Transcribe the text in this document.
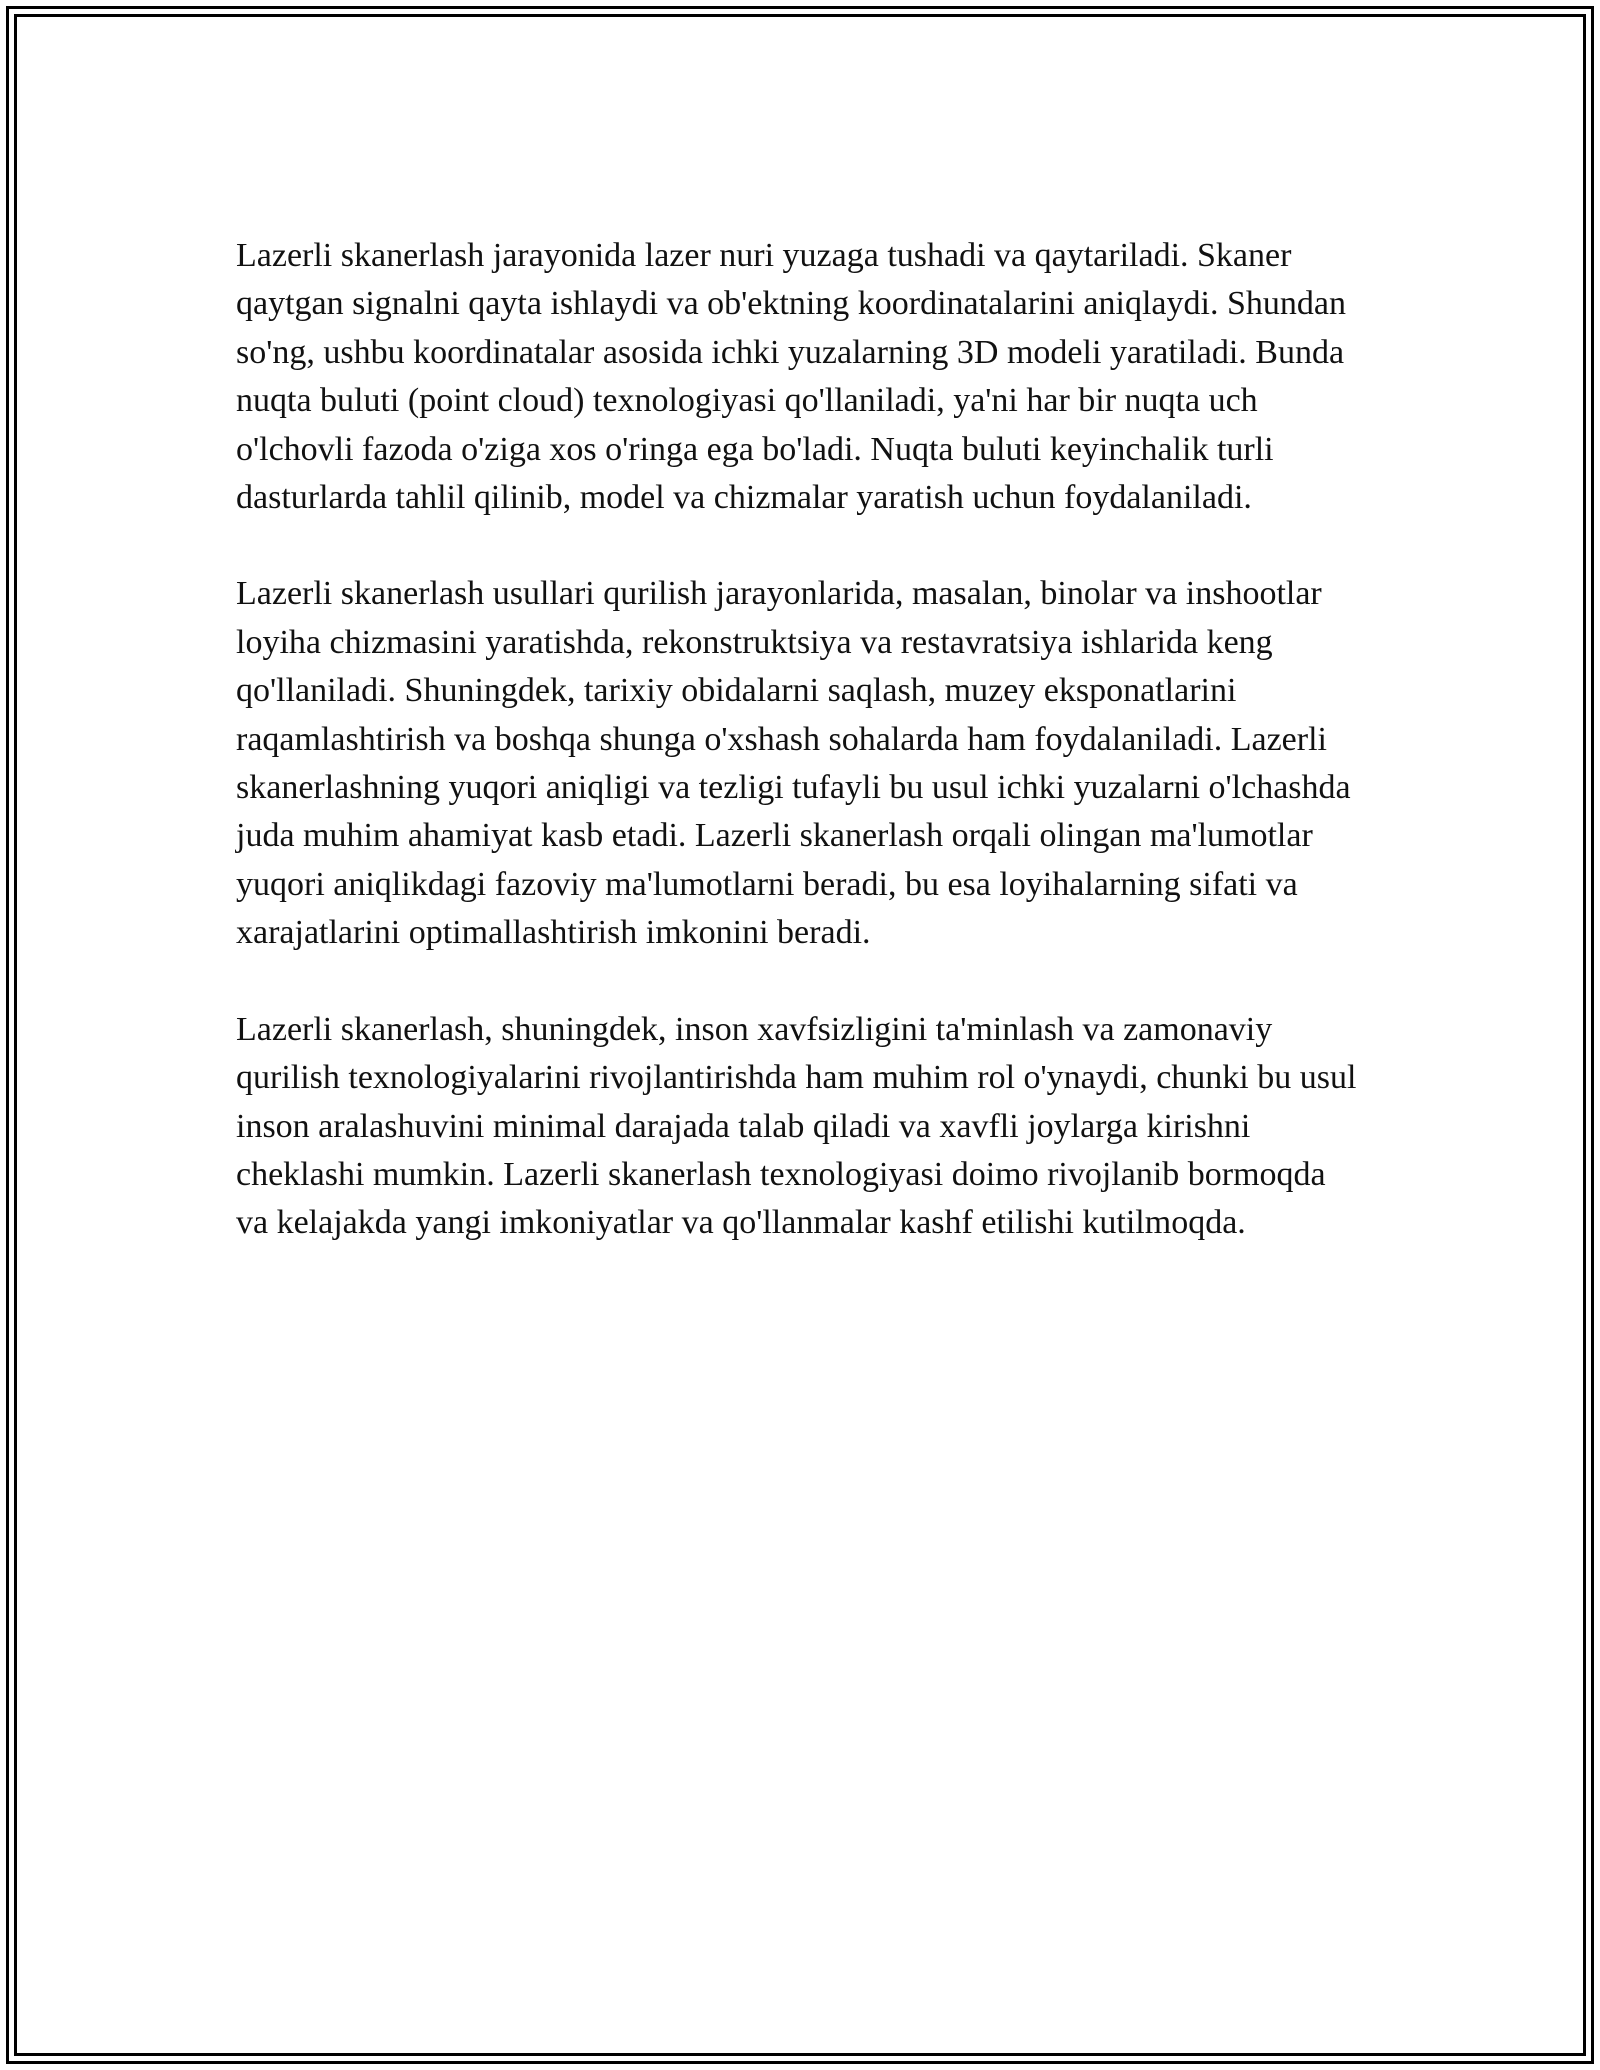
Lazerli skanerlash jarayonida lazer nuri yuzaga tushadi va qaytariladi. Skaner qaytgan signalni qayta ishlaydi va ob'ektning koordinatalarini aniqlaydi. Shundan so'ng, ushbu koordinatalar asosida ichki yuzalarning 3D modeli yaratiladi. Bunda nuqta buluti (point cloud) texnologiyasi qo'llaniladi, ya'ni har bir nuqta uch o'lchovli fazoda o'ziga xos o'ringa ega bo'ladi. Nuqta buluti keyinchalik turli dasturlarda tahlil qilinib, model va chizmalar yaratish uchun foydalaniladi.

Lazerli skanerlash usullari qurilish jarayonlarida, masalan, binolar va inshootlar loyiha chizmasini yaratishda, rekonstruktsiya va restavratsiya ishlarida keng qo'llaniladi. Shuningdek, tarixiy obidalarni saqlash, muzey eksponatlarini raqamlashtirish va boshqa shunga o'xshash sohalarda ham foydalaniladi. Lazerli skanerlashning yuqori aniqligi va tezligi tufayli bu usul ichki yuzalarni o'lchashda juda muhim ahamiyat kasb etadi. Lazerli skanerlash orqali olingan ma'lumotlar yuqori aniqlikdagi fazoviy ma'lumotlarni beradi, bu esa loyihalarning sifati va xarajatlarini optimallashtirish imkonini beradi.

Lazerli skanerlash, shuningdek, inson xavfsizligini ta'minlash va zamonaviy qurilish texnologiyalarini rivojlantirishda ham muhim rol o'ynaydi, chunki bu usul inson aralashuvini minimal darajada talab qiladi va xavfli joylarga kirishni cheklashi mumkin. Lazerli skanerlash texnologiyasi doimo rivojlanib bormoqda va kelajakda yangi imkoniyatlar va qo'llanmalar kashf etilishi kutilmoqda.
